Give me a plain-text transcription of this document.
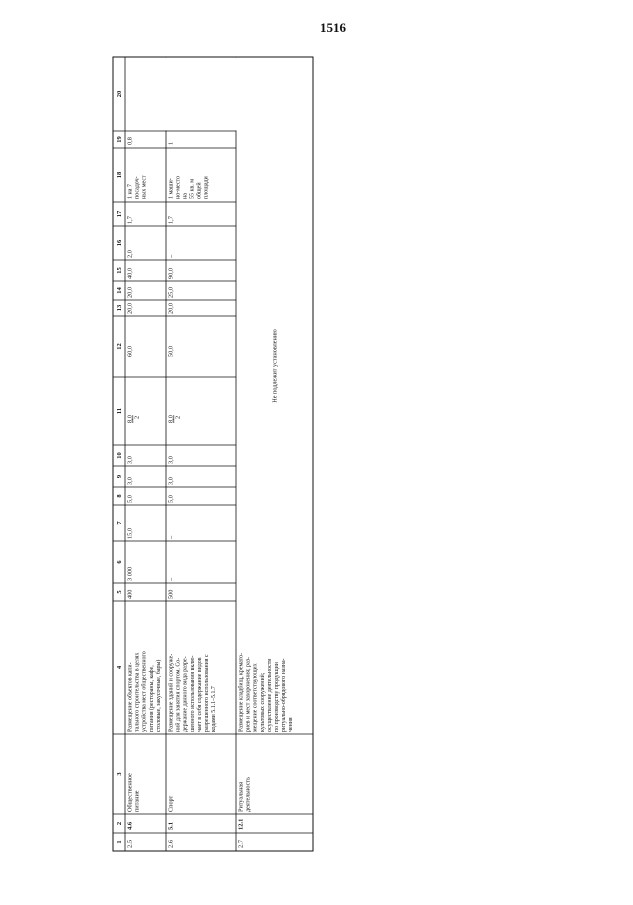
1516
1
2
3
4
5
6
7
8
9
10
11
12
13
14
15
16
17
18
19
20
2.5
4.6
Общественное питание
Размещение объектов капи- тального строительства в целях устройства мест общественного питания (рестораны, кафе, столовые, закусочные, бары)
400
3 000
15,0
5,0
3,0
3,0
8,0 2
60,0
20,0
20,0
40,0
2,0
1,7
1 на 7 посадоч- ных мест
0,8
2.6
5.1
Спорт
Размещение зданий и сооруже- ний для занятия спортом. Со- держание данного вида разре- шенного использования вклю- чает в себя содержание видов разрешенного использования с кодами 5.1.1–5.1.7
500
–
–
5,0
3,0
3,0
8,0 2
50,0
20,0
25,0
90,0
–
1,7
1 маши- но-место на 55 кв. м общей площади
1
2.7
12.1
Ритуальная деятельность
Размещение кладбищ, кремато- риев и мест захоронения; раз- мещение соответствующих культовых сооружений; осуществление деятельности по производству продукции ритуально-обрядового назна- чения
Не подлежит установлению
